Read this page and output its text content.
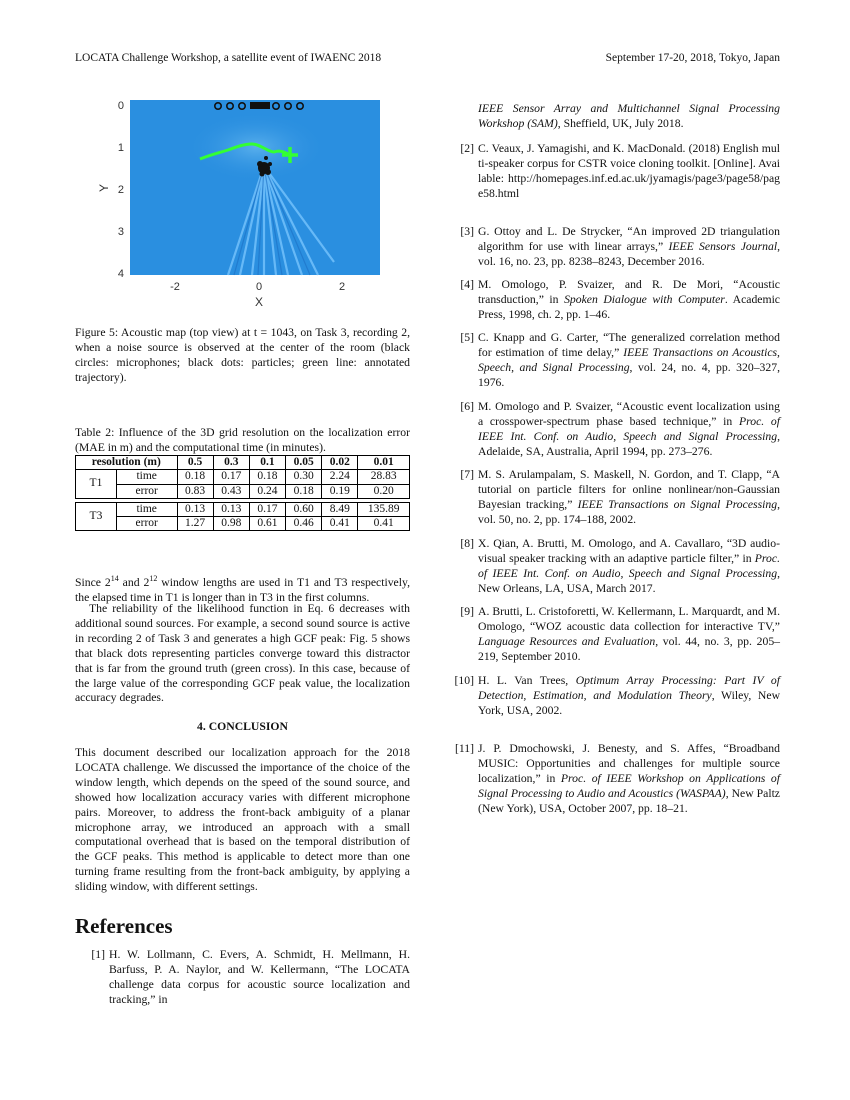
LOCATA Challenge Workshop, a satellite event of IWAENC 2018	September 17-20, 2018, Tokyo, Japan
0
1
2
3
4
-2	0	2
X
Y
Figure 5: Acoustic map (top view) at t = 1043, on Task 3, recording 2, when a noise source is observed at the center of the room (black circles: microphones; black dots: particles; green line: annotated trajectory).
Table 2: Influence of the 3D grid resolution on the localization error (MAE in m) and the computational time (in minutes).
resolution (m)		0.5	0.3	0.1	0.05	0.02	0.01
T1	time	0.18	0.17	0.18	0.30	2.24	28.83
	error	0.83	0.43	0.24	0.18	0.19	0.20

T3	time	0.13	0.13	0.17	0.60	8.49	135.89
	error	1.27	0.98	0.61	0.46	0.41	0.41
Since $2^{14}$ and $2^{12}$ window lengths are used in T1 and T3 respectively, the elapsed time in T1 is longer than in T3 in the first columns.
The reliability of the likelihood function in Eq. 6 decreases with additional sound sources. For example, a second sound source is active in recording 2 of Task 3 and generates a high GCF peak: Fig. 5 shows that black dots representing particles converge toward this distractor that is far from the ground truth (green cross). In this case, because of the large value of the corresponding GCF peak value, the localization accuracy degrades.
4. CONCLUSION
This document described our localization approach for the 2018 LOCATA challenge. We discussed the importance of the choice of the window length, which depends on the speed of the sound source, and showed how localization accuracy varies with different microphone pairs. Moreover, to address the front-back ambiguity of a planar microphone array, we introduced an approach with a small computational overhead that is based on the temporal distribution of the GCF peaks. This method is applicable to detect more than one turning frame resulting from the front-back ambiguity, by applying a sliding window, with different settings.
References
[1] H. W. Lollmann, C. Evers, A. Schmidt, H. Mellmann, H. Barfuss, P. A. Naylor, and W. Kellermann, “The LOCATA challenge data corpus for acoustic source localization and tracking,” in
IEEE Sensor Array and Multichannel Signal Processing Workshop (SAM), Sheffield, UK, July 2018.
[2] C. Veaux, J. Yamagishi, and K. MacDonald. (2018) English multi-speaker corpus for CSTR voice cloning toolkit. [Online]. Available: http://homepages.inf.ed.ac.uk/jyamagis/page3/page58/page58.html
[3] G. Ottoy and L. De Strycker, “An improved 2D triangulation algorithm for use with linear arrays,” IEEE Sensors Journal, vol. 16, no. 23, pp. 8238–8243, December 2016.
[4] M. Omologo, P. Svaizer, and R. De Mori, “Acoustic transduction,” in Spoken Dialogue with Computer. Academic Press, 1998, ch. 2, pp. 1–46.
[5] C. Knapp and G. Carter, “The generalized correlation method for estimation of time delay,” IEEE Transactions on Acoustics, Speech, and Signal Processing, vol. 24, no. 4, pp. 320–327, 1976.
[6] M. Omologo and P. Svaizer, “Acoustic event localization using a crosspower-spectrum phase based technique,” in Proc. of IEEE Int. Conf. on Audio, Speech and Signal Processing, Adelaide, SA, Australia, April 1994, pp. 273–276.
[7] M. S. Arulampalam, S. Maskell, N. Gordon, and T. Clapp, “A tutorial on particle filters for online nonlinear/non-Gaussian Bayesian tracking,” IEEE Transactions on Signal Processing, vol. 50, no. 2, pp. 174–188, 2002.
[8] X. Qian, A. Brutti, M. Omologo, and A. Cavallaro, “3D audio-visual speaker tracking with an adaptive particle filter,” in Proc. of IEEE Int. Conf. on Audio, Speech and Signal Processing, New Orleans, LA, USA, March 2017.
[9] A. Brutti, L. Cristoforetti, W. Kellermann, L. Marquardt, and M. Omologo, “WOZ acoustic data collection for interactive TV,” Language Resources and Evaluation, vol. 44, no. 3, pp. 205–219, September 2010.
[10] H. L. Van Trees, Optimum Array Processing: Part IV of Detection, Estimation, and Modulation Theory, Wiley, New York, USA, 2002.
[11] J. P. Dmochowski, J. Benesty, and S. Affes, “Broadband MUSIC: Opportunities and challenges for multiple source localization,” in Proc. of IEEE Workshop on Applications of Signal Processing to Audio and Acoustics (WASPAA), New Paltz (New York), USA, October 2007, pp. 18–21.
